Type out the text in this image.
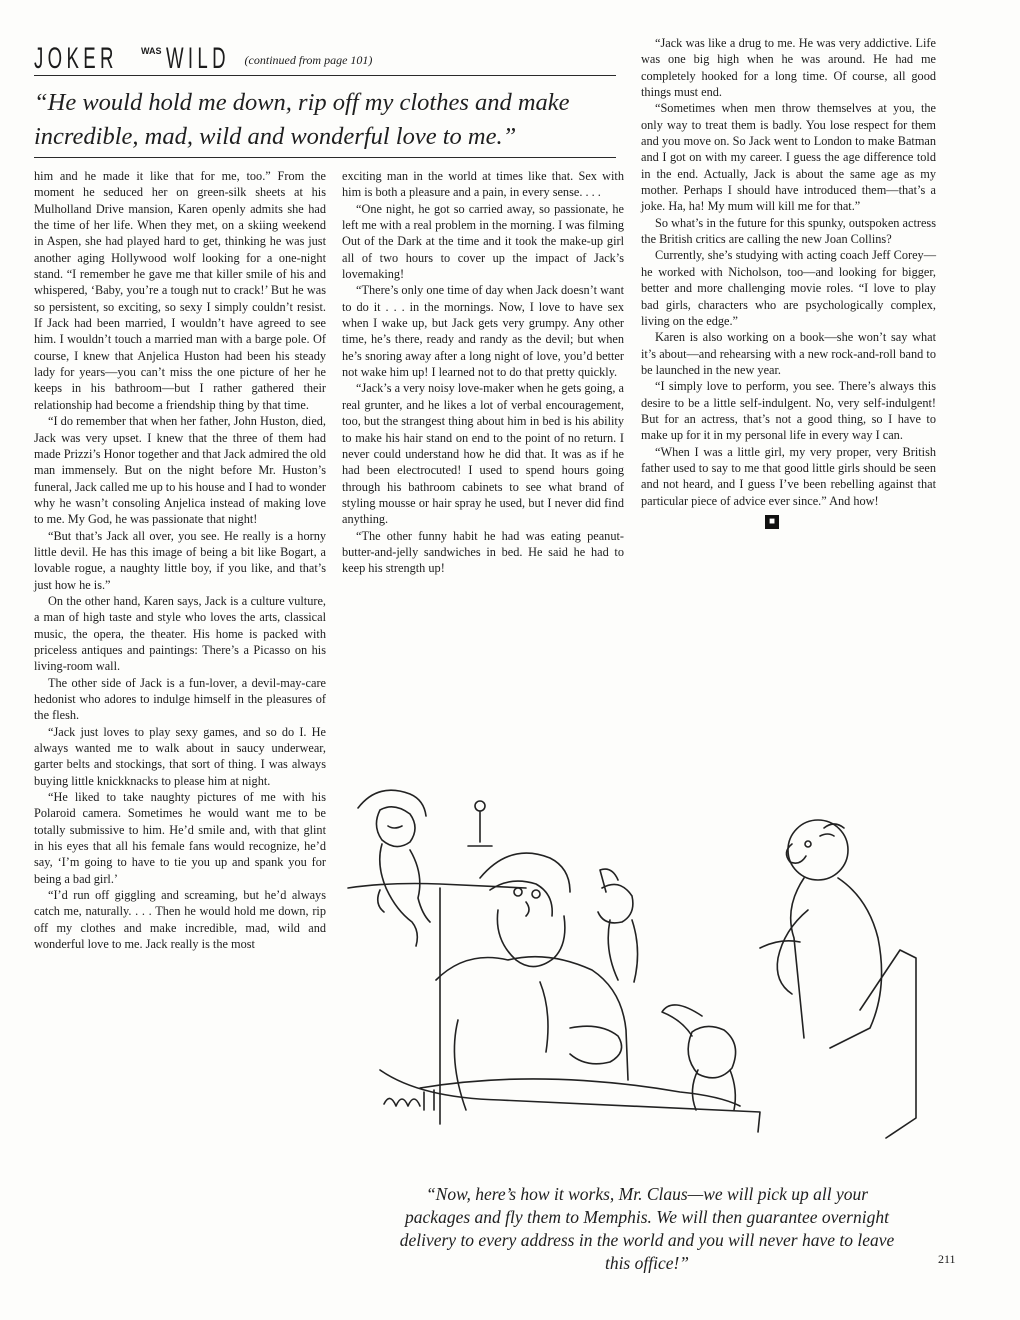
JOKER	WAS WILD (continued from page 101)
“He would hold me down, rip off my clothes and make incredible, mad, wild and wonderful love to me.”

him and he made it like that for me, too.” From the moment he seduced her on green-silk sheets at his Mulholland Drive mansion, Karen openly admits she had the time of her life. When they met, on a skiing weekend in Aspen, she had played hard to get, thinking he was just another aging Hollywood wolf looking for a one-night stand. “I remember he gave me that killer smile of his and whispered, ‘Baby, you’re a tough nut to crack!’ But he was so persistent, so exciting, so sexy I simply couldn’t resist. If Jack had been married, I wouldn’t have agreed to see him. I wouldn’t touch a married man with a barge pole. Of course, I knew that Anjelica Huston had been his steady lady for years—you can’t miss the one picture of her he keeps in his bathroom—but I rather gathered their relationship had become a friendship thing by that time.

“I do remember that when her father, John Huston, died, Jack was very upset. I knew that the three of them had made Prizzi’s Honor together and that Jack admired the old man immensely. But on the night before Mr. Huston’s funeral, Jack called me up to his house and I had to wonder why he wasn’t consoling Anjelica instead of making love to me. My God, he was passionate that night!

“But that’s Jack all over, you see. He really is a horny little devil. He has this image of being a bit like Bogart, a lovable rogue, a naughty little boy, if you like, and that’s just how he is.”

On the other hand, Karen says, Jack is a culture vulture, a man of high taste and style who loves the arts, classical music, the opera, the theater. His home is packed with priceless antiques and paintings: There’s a Picasso on his living-room wall.

The other side of Jack is a fun-lover, a devil-may-care hedonist who adores to indulge himself in the pleasures of the flesh.

“Jack just loves to play sexy games, and so do I. He always wanted me to walk about in saucy underwear, garter belts and stockings, that sort of thing. I was always buying little knickknacks to please him at night.

“He liked to take naughty pictures of me with his Polaroid camera. Sometimes he would want me to be totally submissive to him. He’d smile and, with that glint in his eyes that all his female fans would recognize, he’d say, ‘I’m going to have to tie you up and spank you for being a bad girl.’

“I’d run off giggling and screaming, but he’d always catch me, naturally. . . . Then he would hold me down, rip off my clothes and make incredible, mad, wild and wonderful love to me. Jack really is the most

exciting man in the world at times like that. Sex with him is both a pleasure and a pain, in every sense. . . .

“One night, he got so carried away, so passionate, he left me with a real problem in the morning. I was filming Out of the Dark at the time and it took the make-up girl all of two hours to cover up the impact of Jack’s lovemaking!

“There’s only one time of day when Jack doesn’t want to do it . . . in the mornings. Now, I love to have sex when I wake up, but Jack gets very grumpy. Any other time, he’s there, ready and randy as the devil; but when he’s snoring away after a long night of love, you’d better not wake him up! I learned not to do that pretty quickly.

“Jack’s a very noisy love-maker when he gets going, a real grunter, and he likes a lot of verbal encouragement, too, but the strangest thing about him in bed is his ability to make his hair stand on end to the point of no return. I never could understand how he did that. It was as if he had been electrocuted! I used to spend hours going through his bathroom cabinets to see what brand of styling mousse or hair spray he used, but I never did find anything.

“The other funny habit he had was eating peanut-butter-and-jelly sandwiches in bed. He said he had to keep his strength up!

“Jack was like a drug to me. He was very addictive. Life was one big high when he was around. He had me completely hooked for a long time. Of course, all good things must end.

“Sometimes when men throw themselves at you, the only way to treat them is badly. You lose respect for them and you move on. So Jack went to London to make Batman and I got on with my career. I guess the age difference told in the end. Actually, Jack is about the same age as my mother. Perhaps I should have introduced them—that’s a joke. Ha, ha! My mum will kill me for that.”

So what’s in the future for this spunky, outspoken actress the British critics are calling the new Joan Collins?

Currently, she’s studying with acting coach Jeff Corey—he worked with Nicholson, too—and looking for bigger, better and more challenging movie roles. “I love to play bad girls, characters who are psychologically complex, living on the edge.”

Karen is also working on a book—she won’t say what it’s about—and rehearsing with a new rock-and-roll band to be launched in the new year.

“I simply love to perform, you see. There’s always this desire to be a little self-indulgent. No, very self-indulgent! But for an actress, that’s not a good thing, so I have to make up for it in my personal life in every way I can.

“When I was a little girl, my very proper, very British father used to say to me that good little girls should be seen and not heard, and I guess I’ve been rebelling against that particular piece of advice ever since.” And how!

■
“Now, here’s how it works, Mr. Claus—we will pick up all your packages and fly them to Memphis. We will then guarantee overnight delivery to every address in the world and you will never have to leave this office!”	211
